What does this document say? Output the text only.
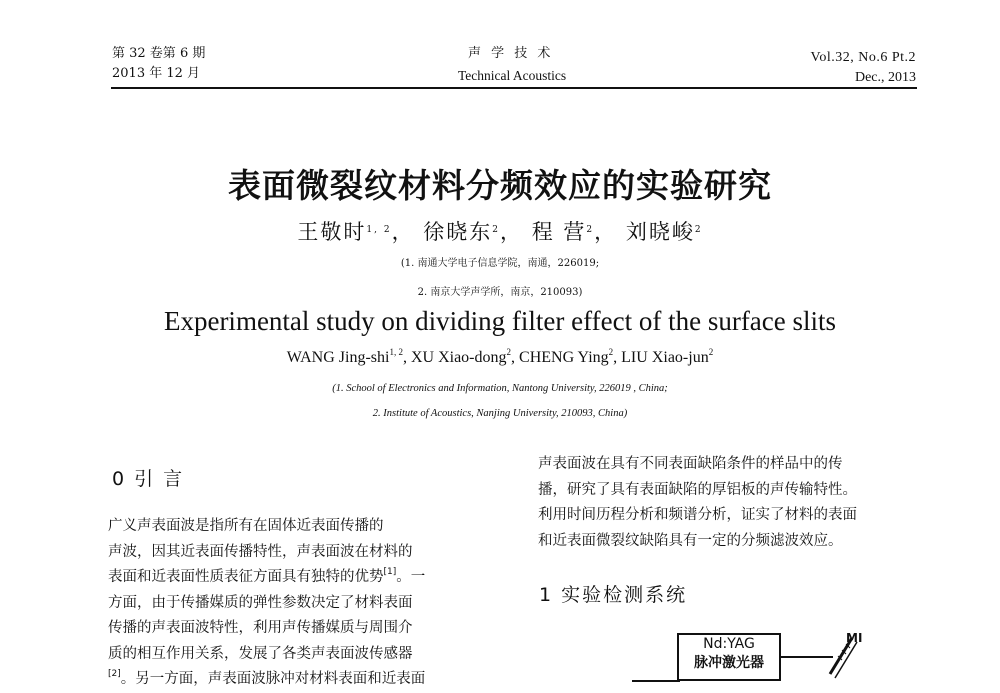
第 32 卷第 6 期
2013 年 12 月
声 学 技 术
Technical Acoustics
Vol.32, No.6 Pt.2
Dec., 2013
表面微裂纹材料分频效应的实验研究
王敬时$^{1, 2}$， 徐晓东$^2$， 程 营$^2$， 刘晓峻$^2$
(1. 南通大学电子信息学院，南通，226019;
2. 南京大学声学所，南京，210093)
Experimental study on dividing filter effect of the surface slits
WANG Jing-shi$^{1, 2}$, XU Xiao-dong$^2$, CHENG Ying$^2$, LIU Xiao-jun$^2$
(1. School of Electronics and Information, Nantong University, 226019 , China;
2. Institute of Acoustics, Nanjing University, 210093, China)
0 引 言
广义声表面波是指所有在固体近表面传播的
声波，因其近表面传播特性，声表面波在材料的
表面和近表面性质表征方面具有独特的优势[1]。一
方面，由于传播媒质的弹性参数决定了材料表面
传播的声表面波特性，利用声传播媒质与周围介
质的相互作用关系，发展了各类声表面波传感器
[2]。另一方面，声表面波脉冲对材料表面和近表面
声表面波在具有不同表面缺陷条件的样品中的传
播，研究了具有表面缺陷的厚铝板的声传输特性。
利用时间历程分析和频谱分析，证实了材料的表面
和近表面微裂纹缺陷具有一定的分频滤波效应。
1 实验检测系统
Nd:YAG
脉冲激光器
MI
